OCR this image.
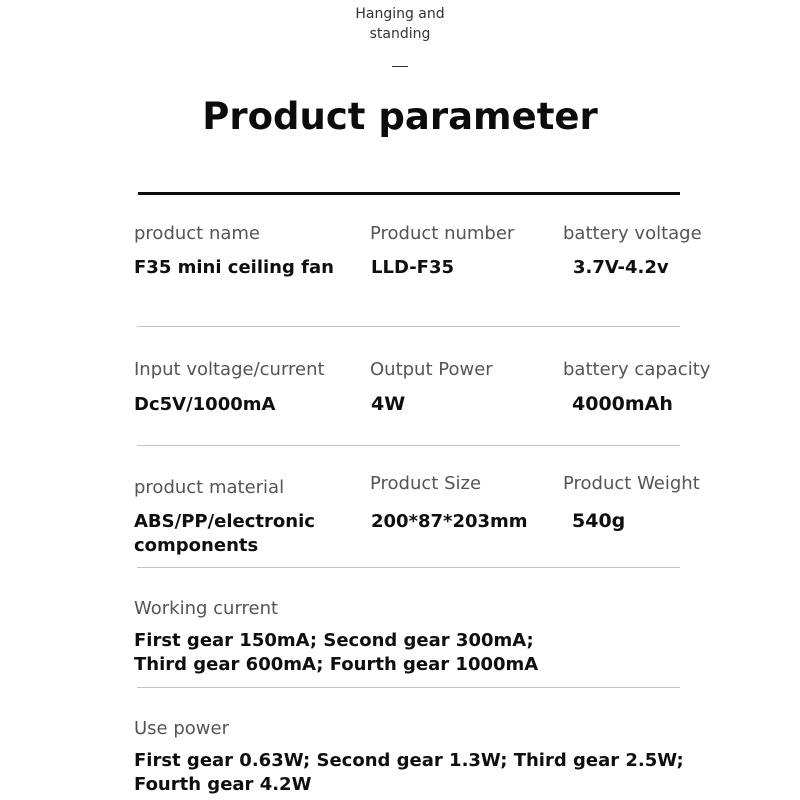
Hanging and
standing
Product parameter
product name
F35 mini ceiling fan
Product number
LLD-F35
battery voltage
3.7V-4.2v
Input voltage/current
Dc5V/1000mA
Output Power
4W
battery capacity
4000mAh
product material
ABS/PP/electronic
components
Product Size
200*87*203mm
Product Weight
540g
Working current
First gear 150mA; Second gear 300mA;
Third gear 600mA; Fourth gear 1000mA
Use power
First gear 0.63W; Second gear 1.3W; Third gear 2.5W;
Fourth gear 4.2W
